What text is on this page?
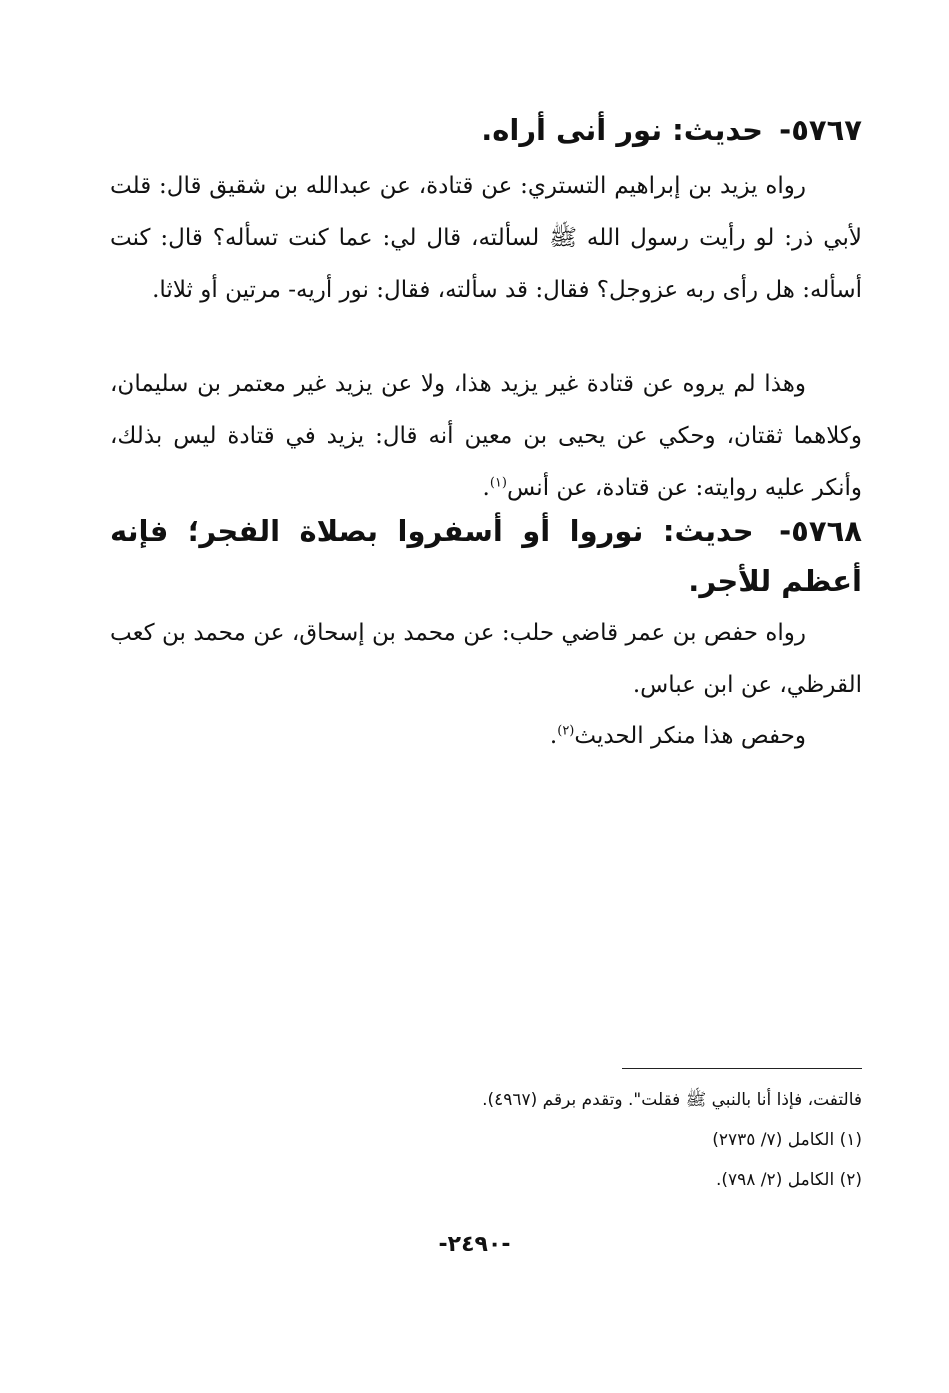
٥٧٦٧- حديث: نور أنى أراه.

رواه يزيد بن إبراهيم التستري: عن قتادة، عن عبدالله بن شقيق قال: قلت لأبي ذر: لو رأيت رسول الله ﷺ لسألته، قال لي: عما كنت تسأله؟ قال: كنت أسأله: هل رأى ربه عزوجل؟ فقال: قد سألته، فقال: نور أريه- مرتين أو ثلاثا.

وهذا لم يروه عن قتادة غير يزيد هذا، ولا عن يزيد غير معتمر بن سليمان، وكلاهما ثقتان، وحكي عن يحيى بن معين أنه قال: يزيد في قتادة ليس بذلك، وأنكر عليه روايته: عن قتادة، عن أنس$^{(١)}$.

٥٧٦٨- حديث: نوروا أو أسفروا بصلاة الفجر؛ فإنه أعظم للأجر.

رواه حفص بن عمر قاضي حلب: عن محمد بن إسحاق، عن محمد بن كعب القرظي، عن ابن عباس.

وحفص هذا منكر الحديث$^{(٢)}$.

فالتفت، فإذا أنا بالنبي ﷺ فقلت". وتقدم برقم (٤٩٦٧).
(١) الكامل (٧/ ٢٧٣٥)
(٢) الكامل (٢/ ٧٩٨).
-٢٤٩٠-
